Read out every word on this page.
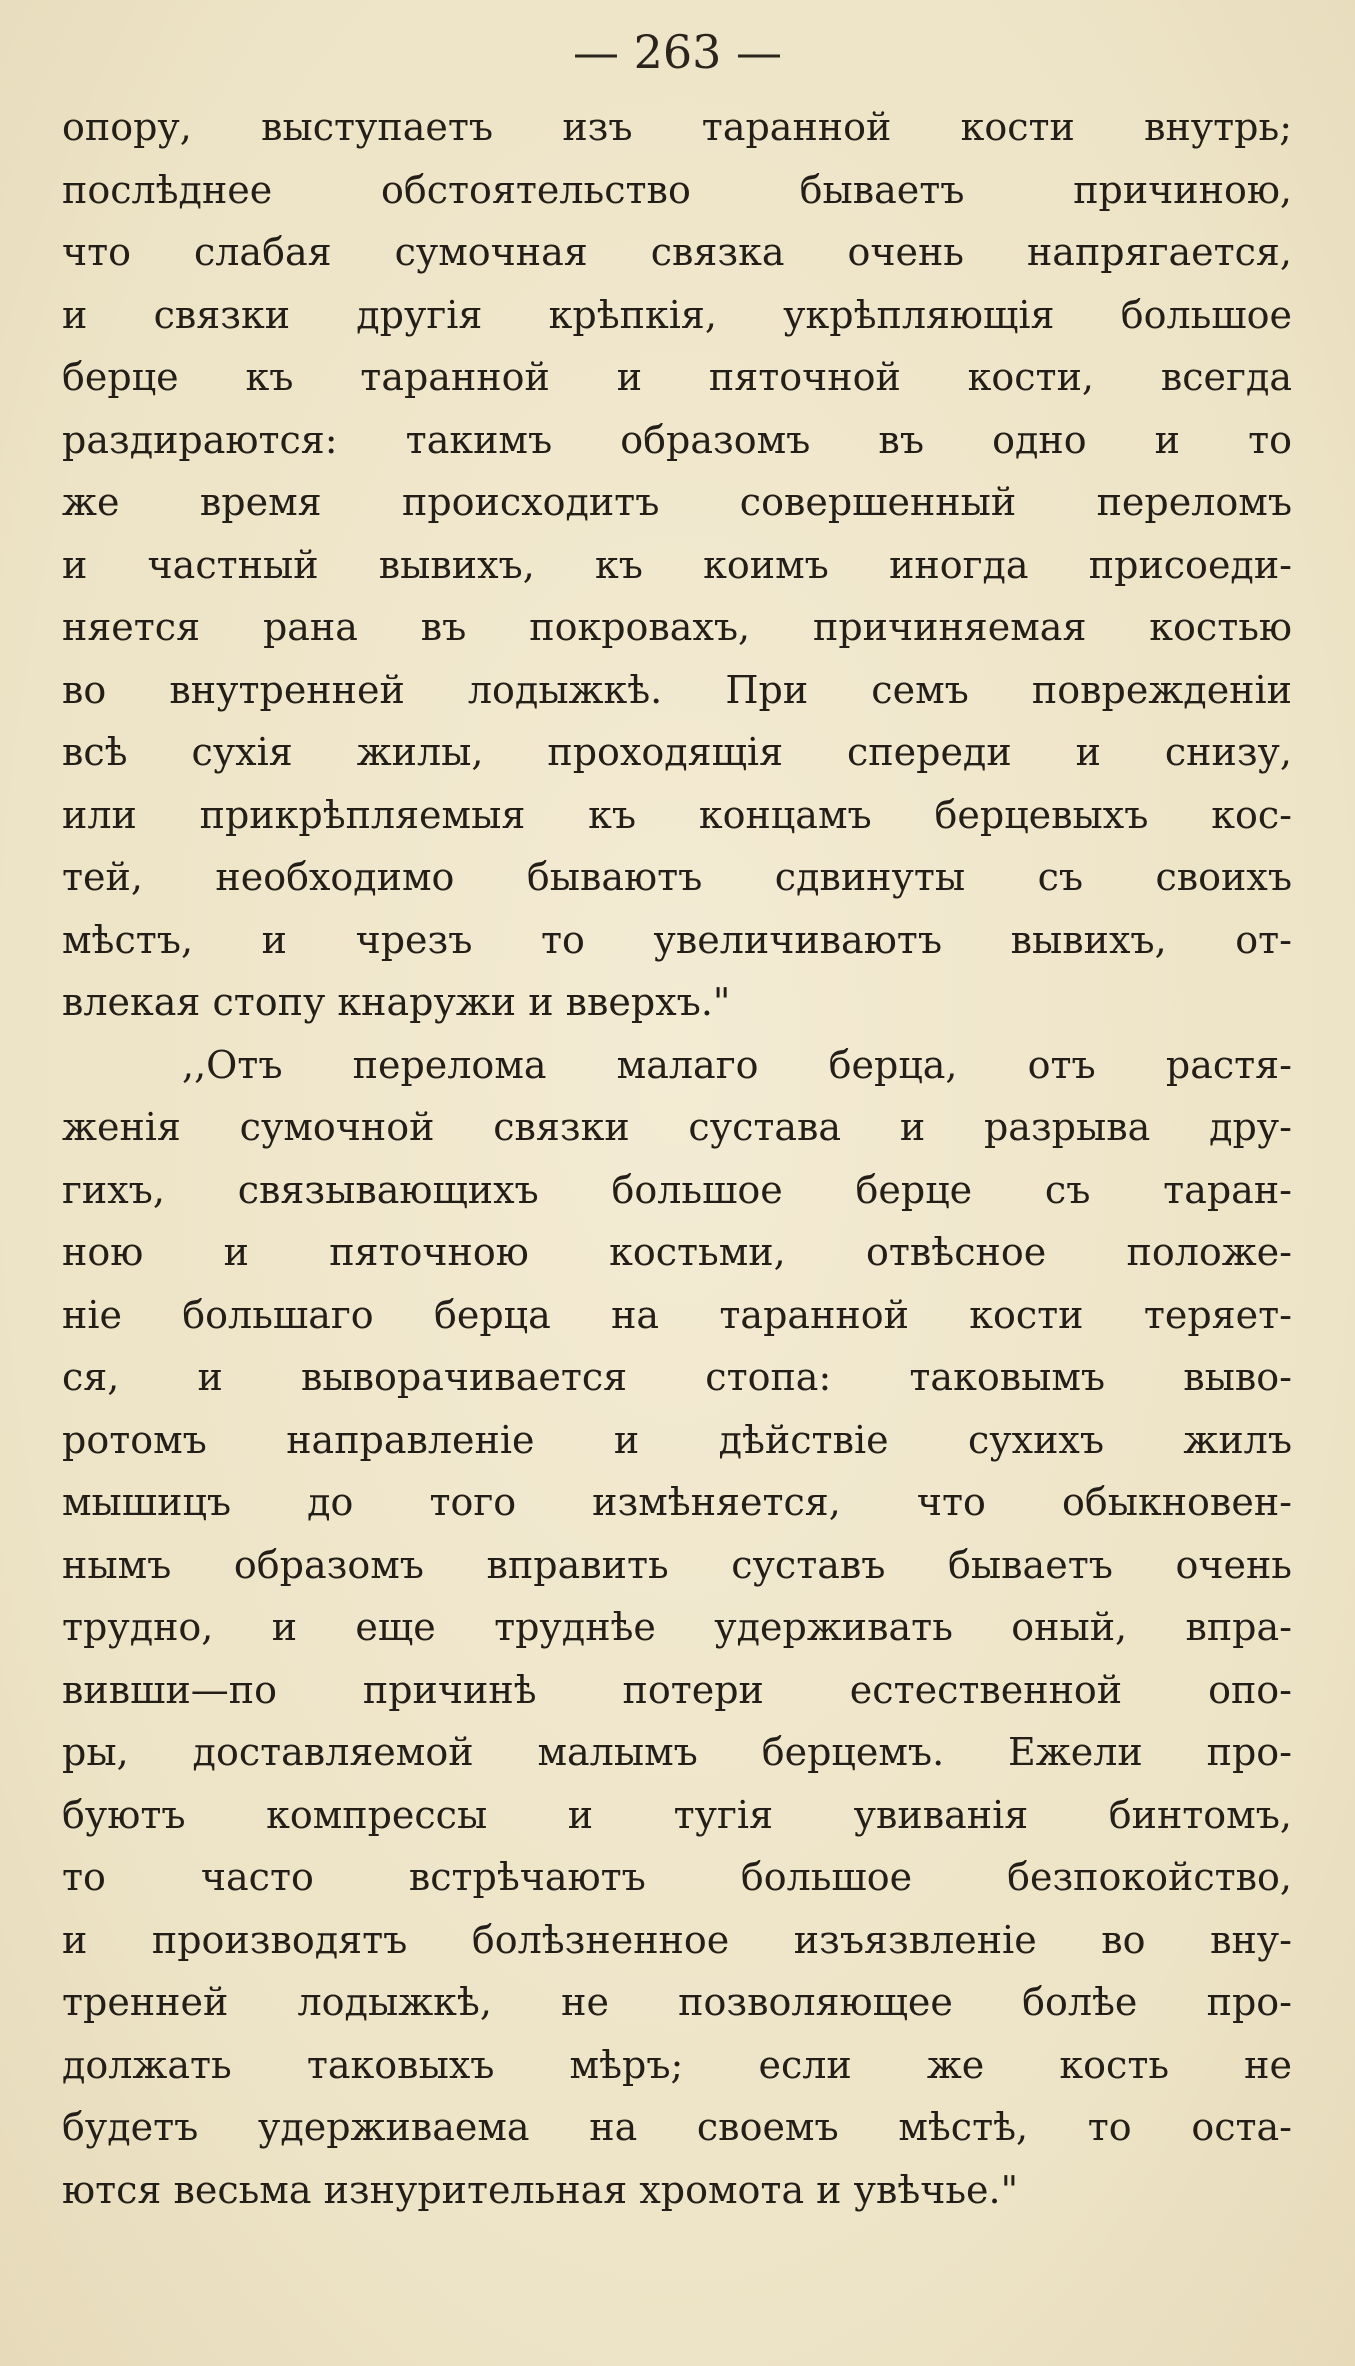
— 263 —
опору, выступаетъ изъ таранной кости внутрь;
послѣднее обстоятельство бываетъ причиною,
что слабая сумочная связка очень напрягается,
и связки другія крѣпкія, укрѣпляющія большое
берце къ таранной и пяточной кости, всегда
раздираются: такимъ образомъ въ одно и то
же время происходитъ совершенный переломъ
и частный вывихъ, къ коимъ иногда присоеди-
няется рана въ покровахъ, причиняемая костью
во внутренней лодыжкѣ. При семъ поврежденіи
всѣ сухія жилы, проходящія спереди и снизу,
или прикрѣпляемыя къ концамъ берцевыхъ кос-
тей, необходимо бываютъ сдвинуты съ своихъ
мѣстъ, и чрезъ то увеличиваютъ вывихъ, от-
влекая стопу кнаружи и вверхъ."
,,Отъ перелома малаго берца, отъ растя-
женія сумочной связки сустава и разрыва дру-
гихъ, связывающихъ большое берце съ таран-
ною и пяточною костьми, отвѣсное положе-
ніе большаго берца на таранной кости теряет-
ся, и выворачивается стопа: таковымъ выво-
ротомъ направленіе и дѣйствіе сухихъ жилъ
мышицъ до того измѣняется, что обыкновен-
нымъ образомъ вправить суставъ бываетъ очень
трудно, и еще труднѣе удерживать оный, впра-
вивши—по причинѣ потери естественной опо-
ры, доставляемой малымъ берцемъ. Ежели про-
буютъ компрессы и тугія увиванія бинтомъ,
то часто встрѣчаютъ большое безпокойство,
и производятъ болѣзненное изъязвленіе во вну-
тренней лодыжкѣ, не позволяющее болѣе про-
должать таковыхъ мѣръ; если же кость не
будетъ удерживаема на своемъ мѣстѣ, то оста-
ются весьма изнурительная хромота и увѣчье."
